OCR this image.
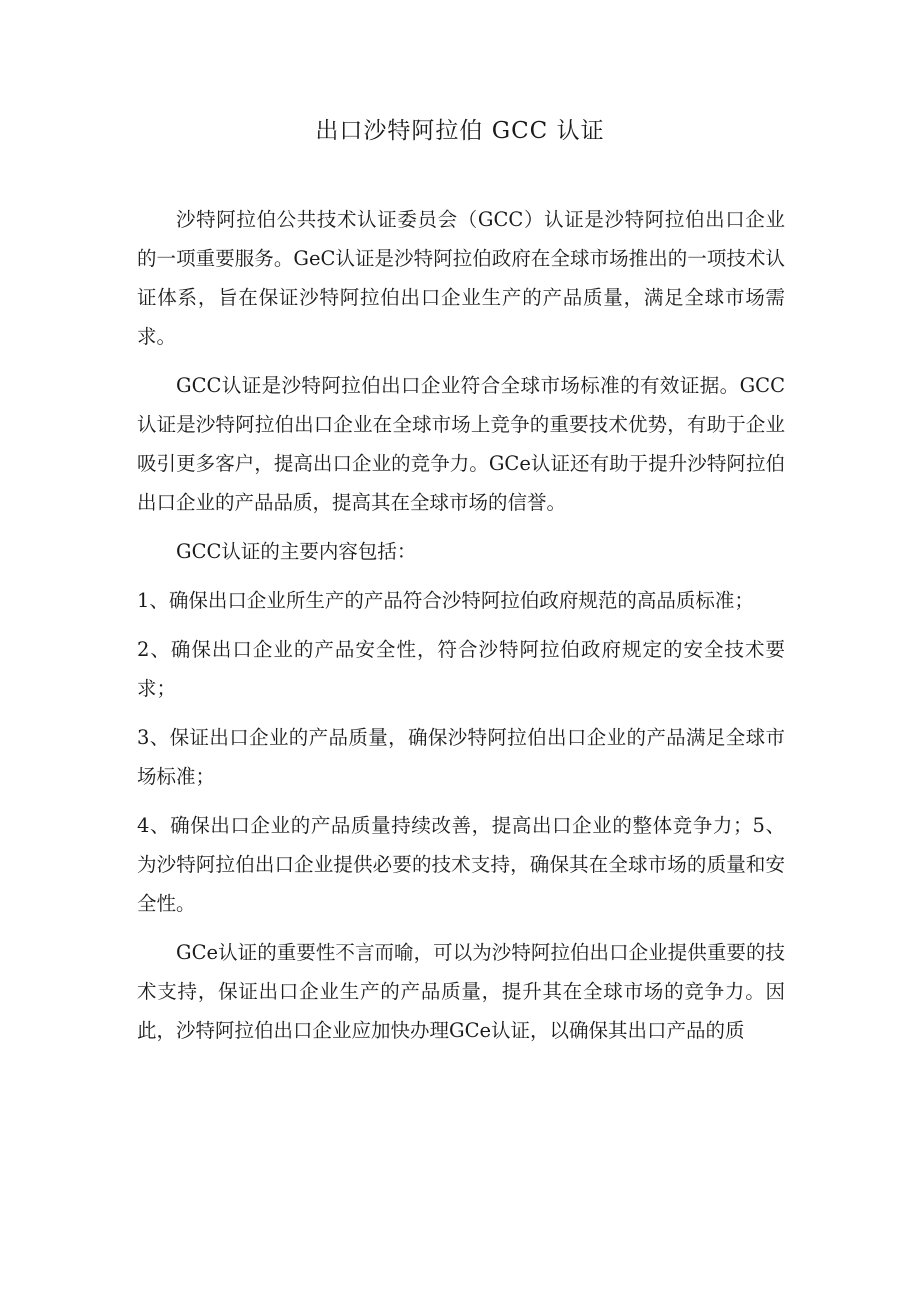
出口沙特阿拉伯 GCC 认证

沙特阿拉伯公共技术认证委员会（GCC）认证是沙特阿拉伯出口企业的一项重要服务。GeC认证是沙特阿拉伯政府在全球市场推出的一项技术认证体系，旨在保证沙特阿拉伯出口企业生产的产品质量，满足全球市场需求。

GCC认证是沙特阿拉伯出口企业符合全球市场标准的有效证据。GCC认证是沙特阿拉伯出口企业在全球市场上竞争的重要技术优势，有助于企业吸引更多客户，提高出口企业的竞争力。GCe认证还有助于提升沙特阿拉伯出口企业的产品品质，提高其在全球市场的信誉。

GCC认证的主要内容包括：

1、确保出口企业所生产的产品符合沙特阿拉伯政府规范的高品质标准；

2、确保出口企业的产品安全性，符合沙特阿拉伯政府规定的安全技术要求；

3、保证出口企业的产品质量，确保沙特阿拉伯出口企业的产品满足全球市场标准；

4、确保出口企业的产品质量持续改善，提高出口企业的整体竞争力；5、为沙特阿拉伯出口企业提供必要的技术支持，确保其在全球市场的质量和安全性。

GCe认证的重要性不言而喻，可以为沙特阿拉伯出口企业提供重要的技术支持，保证出口企业生产的产品质量，提升其在全球市场的竞争力。因此，沙特阿拉伯出口企业应加快办理GCe认证，以确保其出口产品的质
